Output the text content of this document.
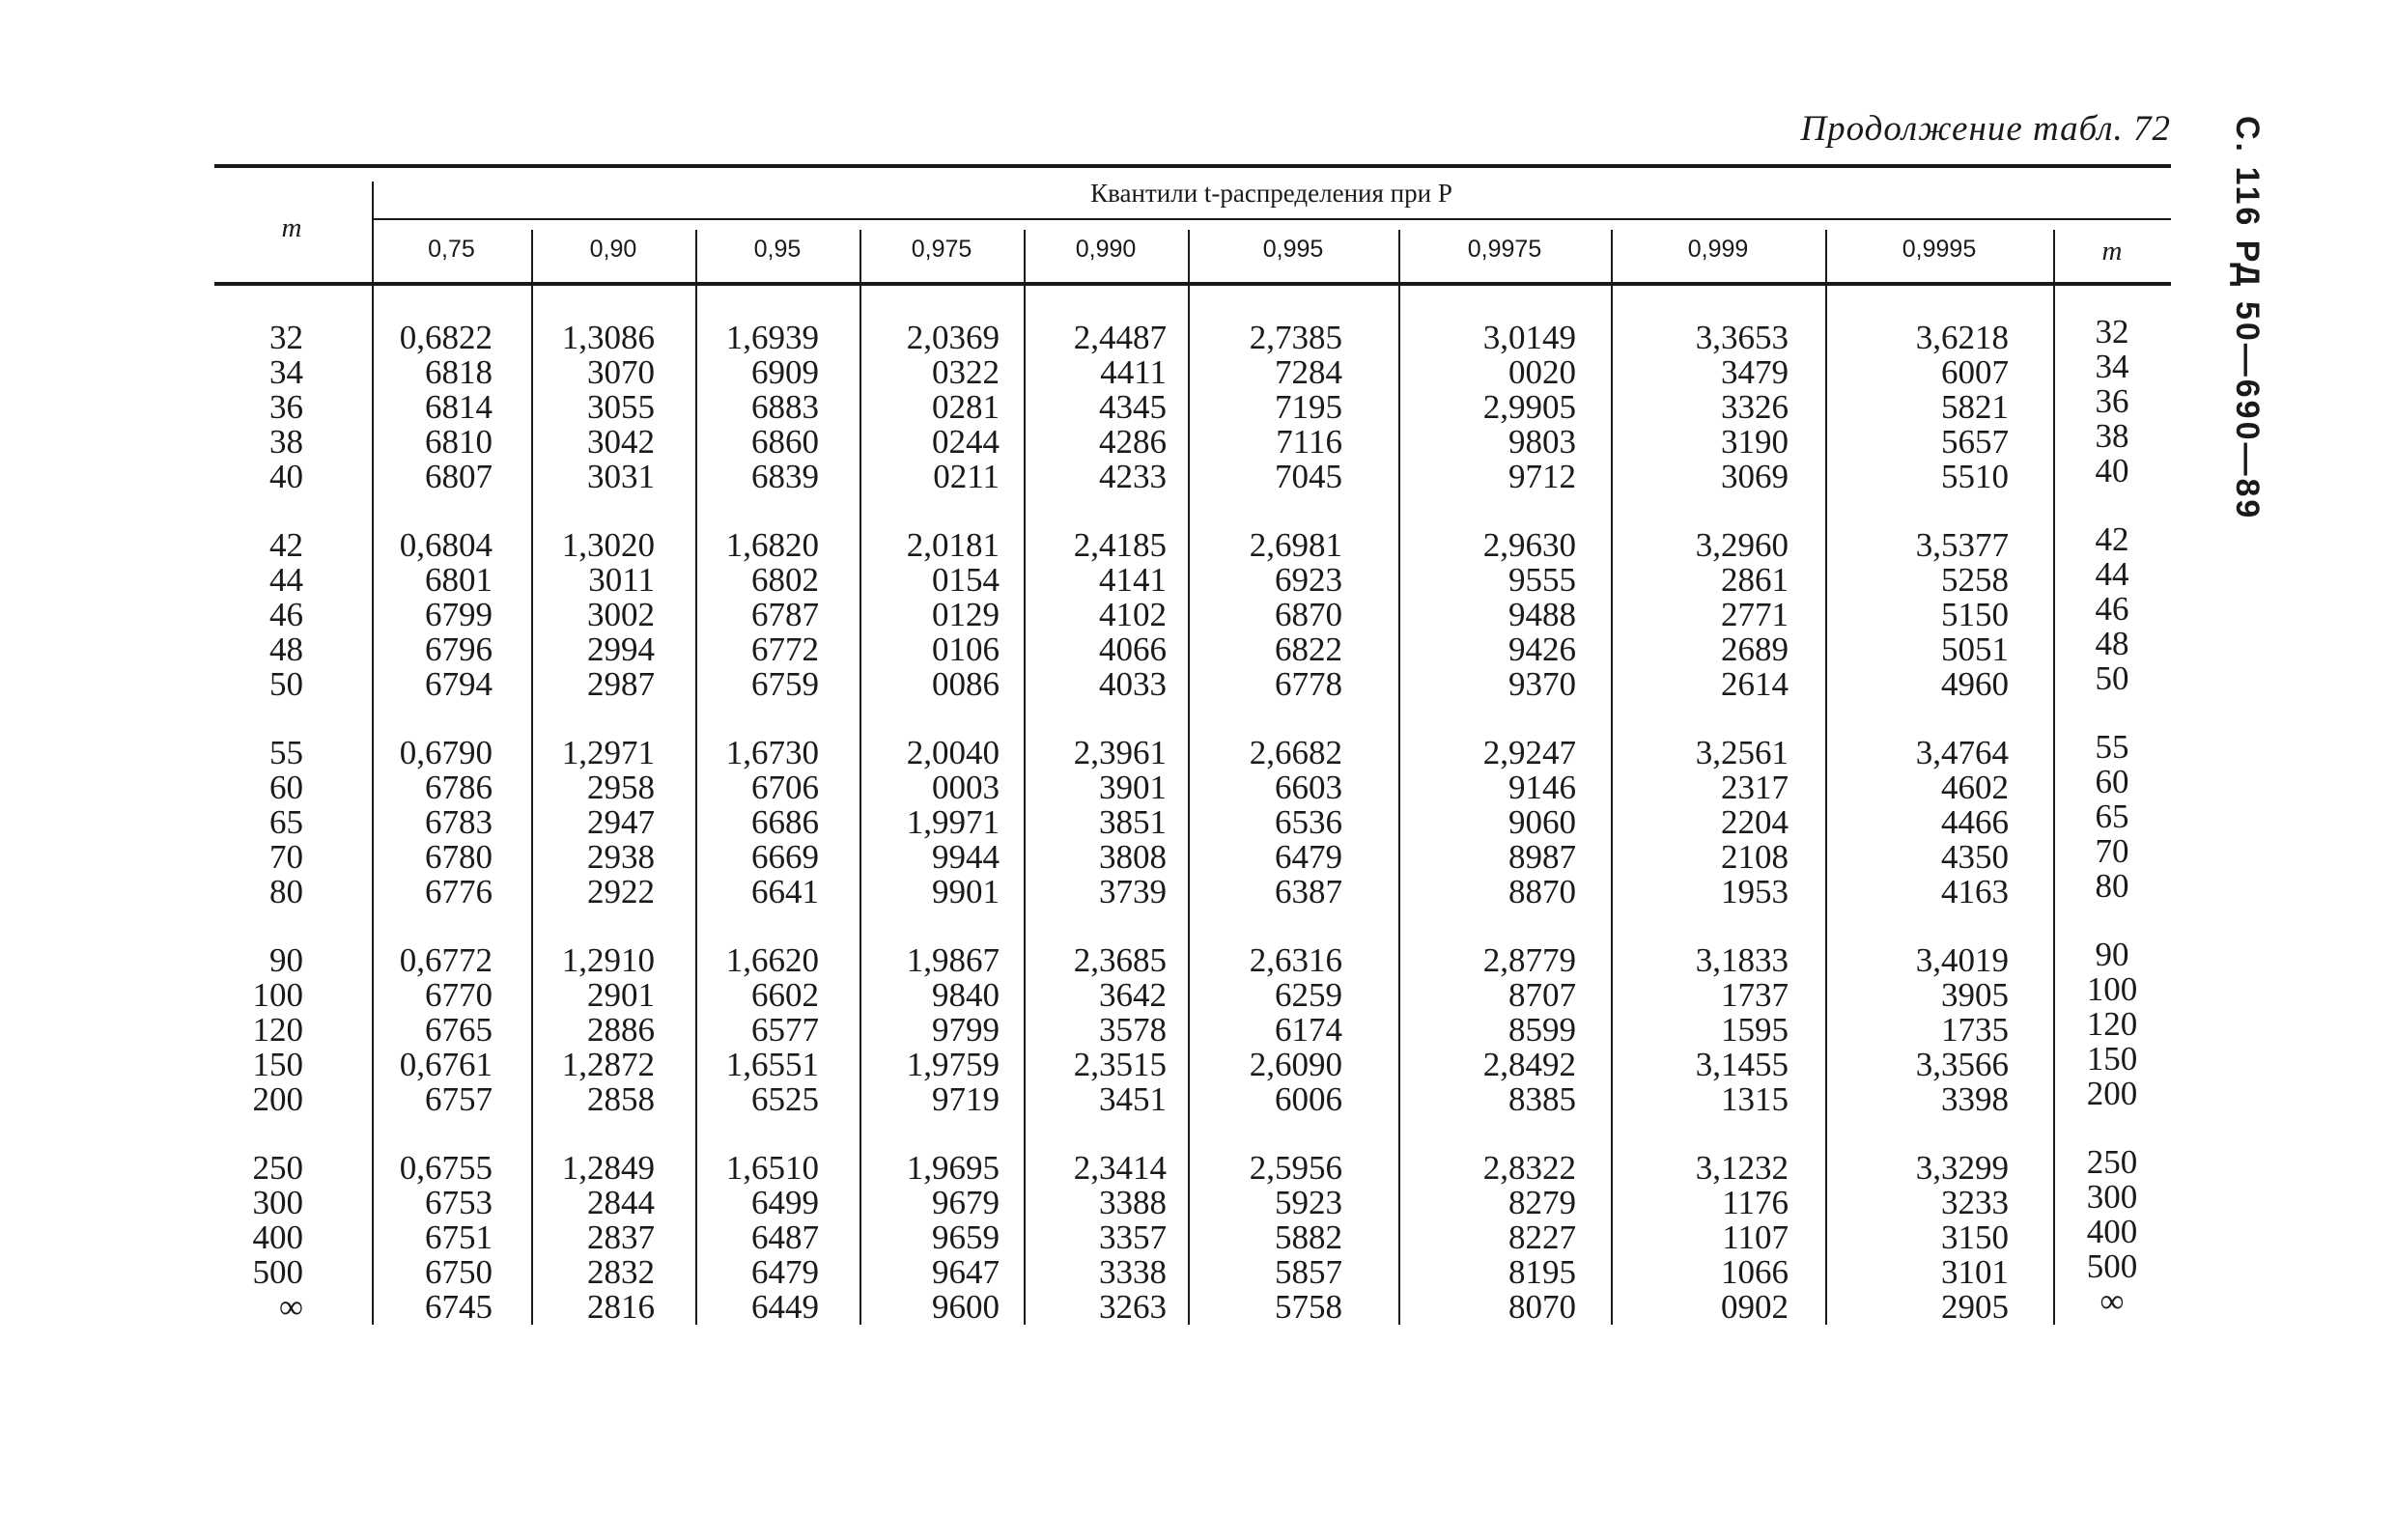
Продолжение табл. 72	С. 116 РД 50—690—89
Квантили t-распределения при P
m
m
0,75	0,90	0,95	0,975	0,990	0,995	0,9975	0,999	0,9995
32	0,6822	1,3086	1,6939	2,0369	2,4487	2,7385	3,0149	3,3653	3,6218	32
34	6818	3070	6909	0322	4411	7284	0020	3479	6007	34
36	6814	3055	6883	0281	4345	7195	2,9905	3326	5821	36
38	6810	3042	6860	0244	4286	7116	9803	3190	5657	38
40	6807	3031	6839	0211	4233	7045	9712	3069	5510	40
42	0,6804	1,3020	1,6820	2,0181	2,4185	2,6981	2,9630	3,2960	3,5377	42
44	6801	3011	6802	0154	4141	6923	9555	2861	5258	44
46	6799	3002	6787	0129	4102	6870	9488	2771	5150	46
48	6796	2994	6772	0106	4066	6822	9426	2689	5051	48
50	6794	2987	6759	0086	4033	6778	9370	2614	4960	50
55	0,6790	1,2971	1,6730	2,0040	2,3961	2,6682	2,9247	3,2561	3,4764	55
60	6786	2958	6706	0003	3901	6603	9146	2317	4602	60
65	6783	2947	6686	1,9971	3851	6536	9060	2204	4466	65
70	6780	2938	6669	9944	3808	6479	8987	2108	4350	70
80	6776	2922	6641	9901	3739	6387	8870	1953	4163	80
90	0,6772	1,2910	1,6620	1,9867	2,3685	2,6316	2,8779	3,1833	3,4019	90
100	6770	2901	6602	9840	3642	6259	8707	1737	3905	100
120	6765	2886	6577	9799	3578	6174	8599	1595	1735	120
150	0,6761	1,2872	1,6551	1,9759	2,3515	2,6090	2,8492	3,1455	3,3566	150
200	6757	2858	6525	9719	3451	6006	8385	1315	3398	200
250	0,6755	1,2849	1,6510	1,9695	2,3414	2,5956	2,8322	3,1232	3,3299	250
300	6753	2844	6499	9679	3388	5923	8279	1176	3233	300
400	6751	2837	6487	9659	3357	5882	8227	1107	3150	400
500	6750	2832	6479	9647	3338	5857	8195	1066	3101	500
∞	6745	2816	6449	9600	3263	5758	8070	0902	2905	∞
